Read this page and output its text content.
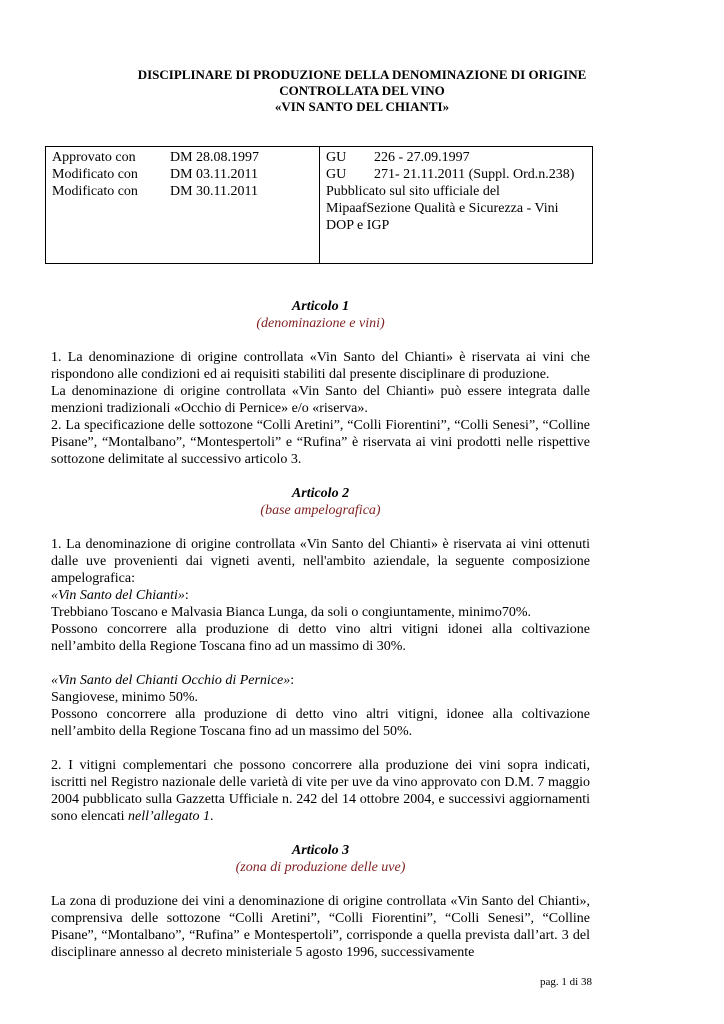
DISCIPLINARE DI PRODUZIONE DELLA DENOMINAZIONE DI ORIGINE
CONTROLLATA DEL VINO
«VIN SANTO DEL CHIANTI»
Approvato con	DM 28.08.1997
Modificato con	DM 03.11.2011
Modificato con	DM 30.11.2011
GU 226 - 27.09.1997
GU 271- 21.11.2011 (Suppl. Ord.n.238)
Pubblicato sul sito ufficiale del MipaafSezione Qualità e Sicurezza - Vini DOP e IGP
Articolo 1
(denominazione e vini)

1. La denominazione di origine controllata «Vin Santo del Chianti» è riservata ai vini che rispondono alle condizioni ed ai requisiti stabiliti dal presente disciplinare di produzione.

La denominazione di origine controllata «Vin Santo del Chianti» può essere integrata dalle menzioni tradizionali «Occhio di Pernice» e/o «riserva».

2. La specificazione delle sottozone “Colli Aretini”, “Colli Fiorentini”, “Colli Senesi”, “Colline Pisane”, “Montalbano”, “Montespertoli” e “Rufina” è riservata ai vini prodotti nelle rispettive sottozone delimitate al successivo articolo 3.

Articolo 2
(base ampelografica)

1. La denominazione di origine controllata «Vin Santo del Chianti» è riservata ai vini ottenuti dalle uve provenienti dai vigneti aventi, nell'ambito aziendale, la seguente composizione ampelografica:

«Vin Santo del Chianti»:

Trebbiano Toscano e Malvasia Bianca Lunga, da soli o congiuntamente, minimo70%.

Possono concorrere alla produzione di detto vino altri vitigni idonei alla coltivazione nell’ambito della Regione Toscana fino ad un massimo di 30%.

«Vin Santo del Chianti Occhio di Pernice»:

Sangiovese, minimo 50%.

Possono concorrere alla produzione di detto vino altri vitigni, idonee alla coltivazione nell’ambito della Regione Toscana fino ad un massimo del 50%.

2. I vitigni complementari che possono concorrere alla produzione dei vini sopra indicati, iscritti nel Registro nazionale delle varietà di vite per uve da vino approvato con D.M. 7 maggio 2004 pubblicato sulla Gazzetta Ufficiale n. 242 del 14 ottobre 2004, e successivi aggiornamenti sono elencati nell’allegato 1.

Articolo 3
(zona di produzione delle uve)

La zona di produzione dei vini a denominazione di origine controllata «Vin Santo del Chianti», comprensiva delle sottozone “Colli Aretini”, “Colli Fiorentini”, “Colli Senesi”, “Colline Pisane”, “Montalbano”, “Rufina” e Montespertoli”, corrisponde a quella prevista dall’art. 3 del disciplinare annesso al decreto ministeriale 5 agosto 1996, successivamente

pag. 1 di 38
